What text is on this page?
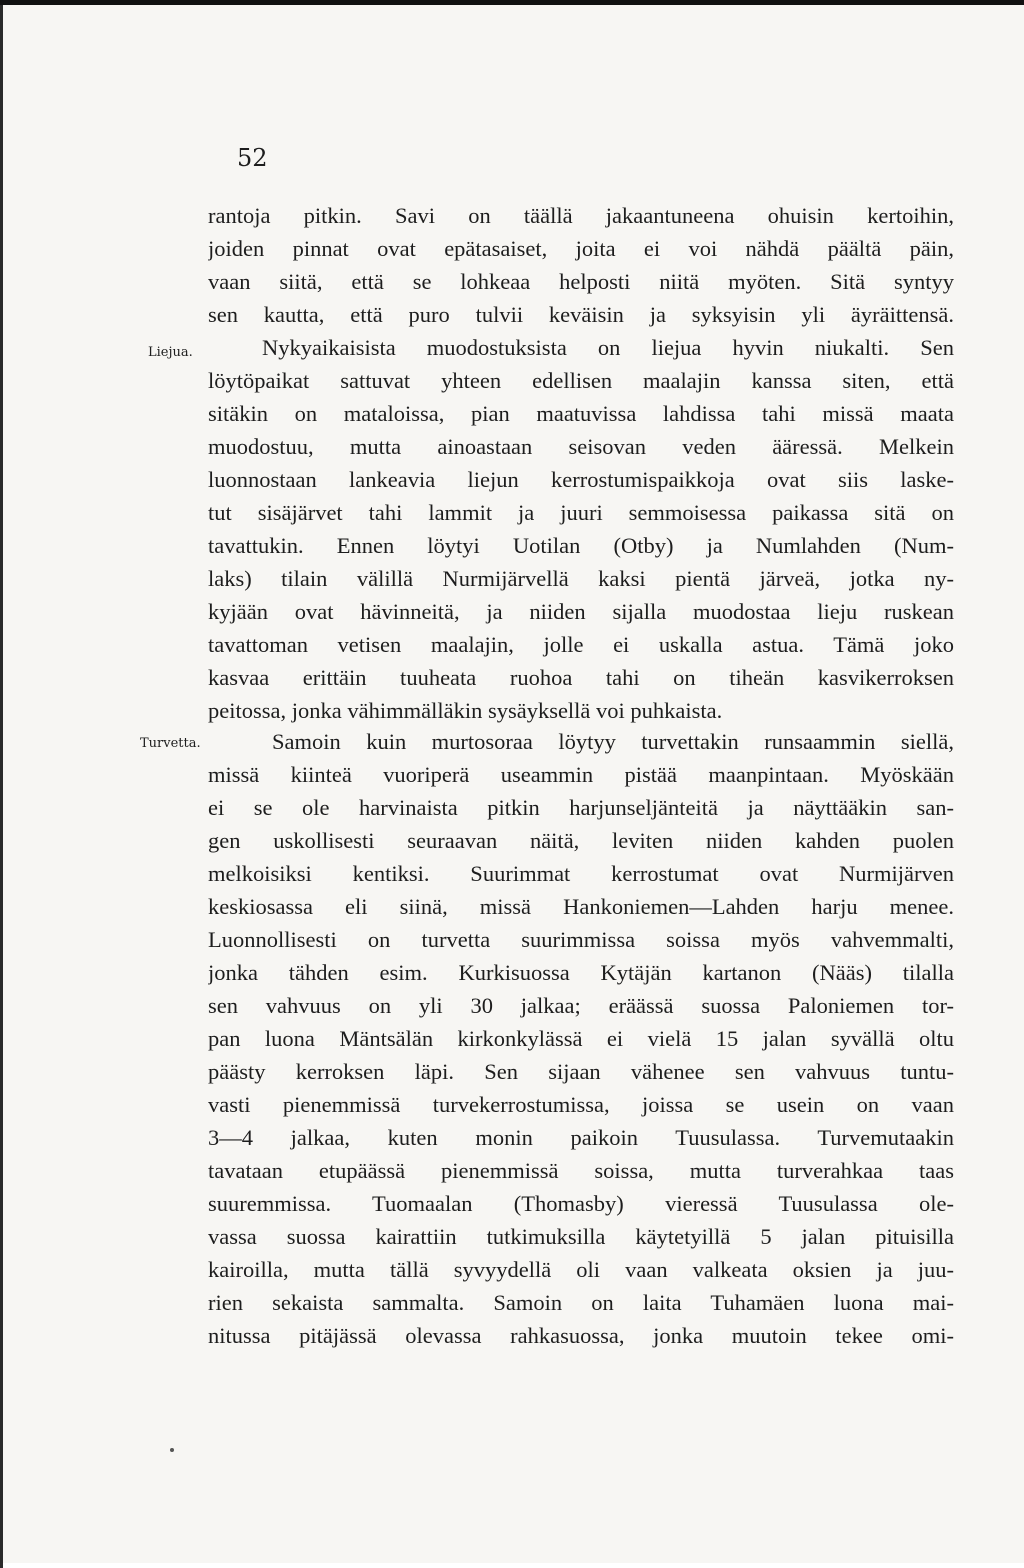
52
Liejua.
Turvetta.
rantoja pitkin. Savi on täällä jakaantuneena ohuisin kertoihin,
joiden pinnat ovat epätasaiset, joita ei voi nähdä päältä päin,
vaan siitä, että se lohkeaa helposti niitä myöten. Sitä syntyy
sen kautta, että puro tulvii keväisin ja syksyisin yli äyräittensä.
Nykyaikaisista muodostuksista on liejua hyvin niukalti. Sen
löytöpaikat sattuvat yhteen edellisen maalajin kanssa siten, että
sitäkin on mataloissa, pian maatuvissa lahdissa tahi missä maata
muodostuu, mutta ainoastaan seisovan veden ääressä. Melkein
luonnostaan lankeavia liejun kerrostumispaikkoja ovat siis laske-
tut sisäjärvet tahi lammit ja juuri semmoisessa paikassa sitä on
tavattukin. Ennen löytyi Uotilan (Otby) ja Numlahden (Num-
laks) tilain välillä Nurmijärvellä kaksi pientä järveä, jotka ny-
kyjään ovat hävinneitä, ja niiden sijalla muodostaa lieju ruskean
tavattoman vetisen maalajin, jolle ei uskalla astua. Tämä joko
kasvaa erittäin tuuheata ruohoa tahi on tiheän kasvikerroksen
peitossa, jonka vähimmälläkin sysäyksellä voi puhkaista.
Samoin kuin murtosoraa löytyy turvettakin runsaammin siellä,
missä kiinteä vuoriperä useammin pistää maanpintaan. Myöskään
ei se ole harvinaista pitkin harjunseljänteitä ja näyttääkin san-
gen uskollisesti seuraavan näitä, leviten niiden kahden puolen
melkoisiksi kentiksi. Suurimmat kerrostumat ovat Nurmijärven
keskiosassa eli siinä, missä Hankoniemen—Lahden harju menee.
Luonnollisesti on turvetta suurimmissa soissa myös vahvemmalti,
jonka tähden esim. Kurkisuossa Kytäjän kartanon (Nääs) tilalla
sen vahvuus on yli 30 jalkaa; eräässä suossa Paloniemen tor-
pan luona Mäntsälän kirkonkylässä ei vielä 15 jalan syvällä oltu
päästy kerroksen läpi. Sen sijaan vähenee sen vahvuus tuntu-
vasti pienemmissä turvekerrostumissa, joissa se usein on vaan
3—4 jalkaa, kuten monin paikoin Tuusulassa. Turvemutaakin
tavataan etupäässä pienemmissä soissa, mutta turverahkaa taas
suuremmissa. Tuomaalan (Thomasby) vieressä Tuusulassa ole-
vassa suossa kairattiin tutkimuksilla käytetyillä 5 jalan pituisilla
kairoilla, mutta tällä syvyydellä oli vaan valkeata oksien ja juu-
rien sekaista sammalta. Samoin on laita Tuhamäen luona mai-
nitussa pitäjässä olevassa rahkasuossa, jonka muutoin tekee omi-
